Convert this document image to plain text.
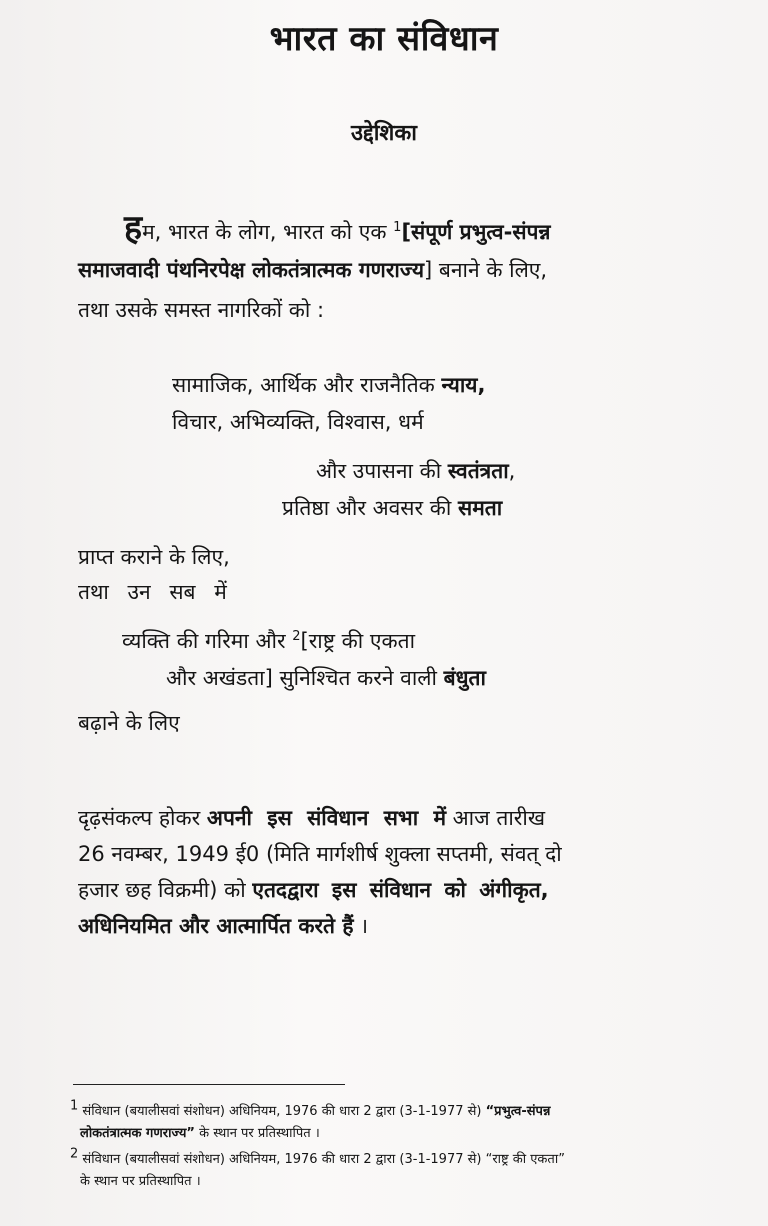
भारत का संविधान
उद्देशिका
हम, भारत के लोग, भारत को एक $^1$[संपूर्ण प्रभुत्व-संपन्न
समाजवादी पंथनिरपेक्ष लोकतंत्रात्मक गणराज्य] बनाने के लिए,
तथा उसके समस्त नागरिकों को :
सामाजिक, आर्थिक और राजनैतिक न्याय,
विचार, अभिव्यक्ति, विश्वास, धर्म
और उपासना की स्वतंत्रता,
प्रतिष्ठा और अवसर की समता
प्राप्त कराने के लिए,
तथा उन सब में
व्यक्ति की गरिमा और $^2$[राष्ट्र की एकता
और अखंडता] सुनिश्चित करने वाली बंधुता
बढ़ाने के लिए
दृढ़संकल्प होकर अपनी इस संविधान सभा में आज तारीख
26 नवम्बर, 1949 ई0 (मिति मार्गशीर्ष शुक्ला सप्तमी, संवत् दो
हजार छह विक्रमी) को एतदद्वारा इस संविधान को अंगीकृत,
अधिनियमित और आत्मार्पित करते हैं ।
$^1$ संविधान (बयालीसवां संशोधन) अधिनियम, 1976 की धारा 2 द्वारा (3-1-1977 से) “प्रभुत्व-संपन्न
लोकतंत्रात्मक गणराज्य” के स्थान पर प्रतिस्थापित ।
$^2$ संविधान (बयालीसवां संशोधन) अधिनियम, 1976 की धारा 2 द्वारा (3-1-1977 से) “राष्ट्र की एकता”
के स्थान पर प्रतिस्थापित ।
